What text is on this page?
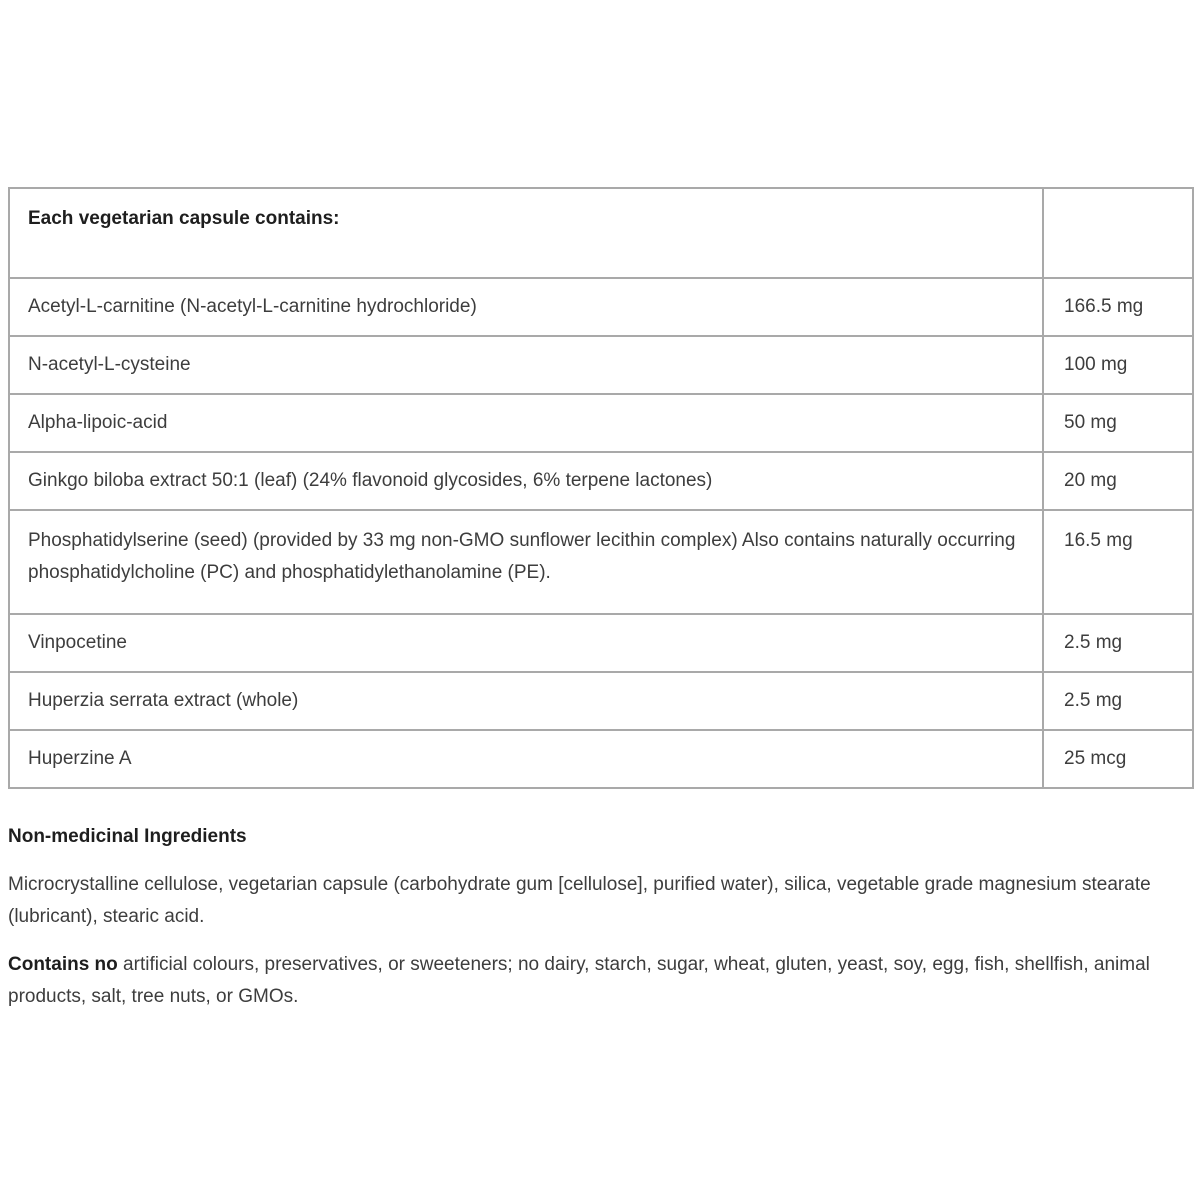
Each vegetarian capsule contains:	
Acetyl-L-carnitine (N-acetyl-L-carnitine hydrochloride)	166.5 mg
N-acetyl-L-cysteine	100 mg
Alpha-lipoic-acid	50 mg
Ginkgo biloba extract 50:1 (leaf) (24% flavonoid glycosides, 6% terpene lactones)	20 mg
Phosphatidylserine (seed) (provided by 33 mg non-GMO sunflower lecithin complex) Also contains naturally occurring phosphatidylcholine (PC) and phosphatidylethanolamine (PE).	16.5 mg
Vinpocetine	2.5 mg
Huperzia serrata extract (whole)	2.5 mg
Huperzine A	25 mcg
Non-medicinal Ingredients
Microcrystalline cellulose, vegetarian capsule (carbohydrate gum [cellulose], purified water), silica, vegetable grade magnesium stearate (lubricant), stearic acid.
Contains no artificial colours, preservatives, or sweeteners; no dairy, starch, sugar, wheat, gluten, yeast, soy, egg, fish, shellfish, animal products, salt, tree nuts, or GMOs.
